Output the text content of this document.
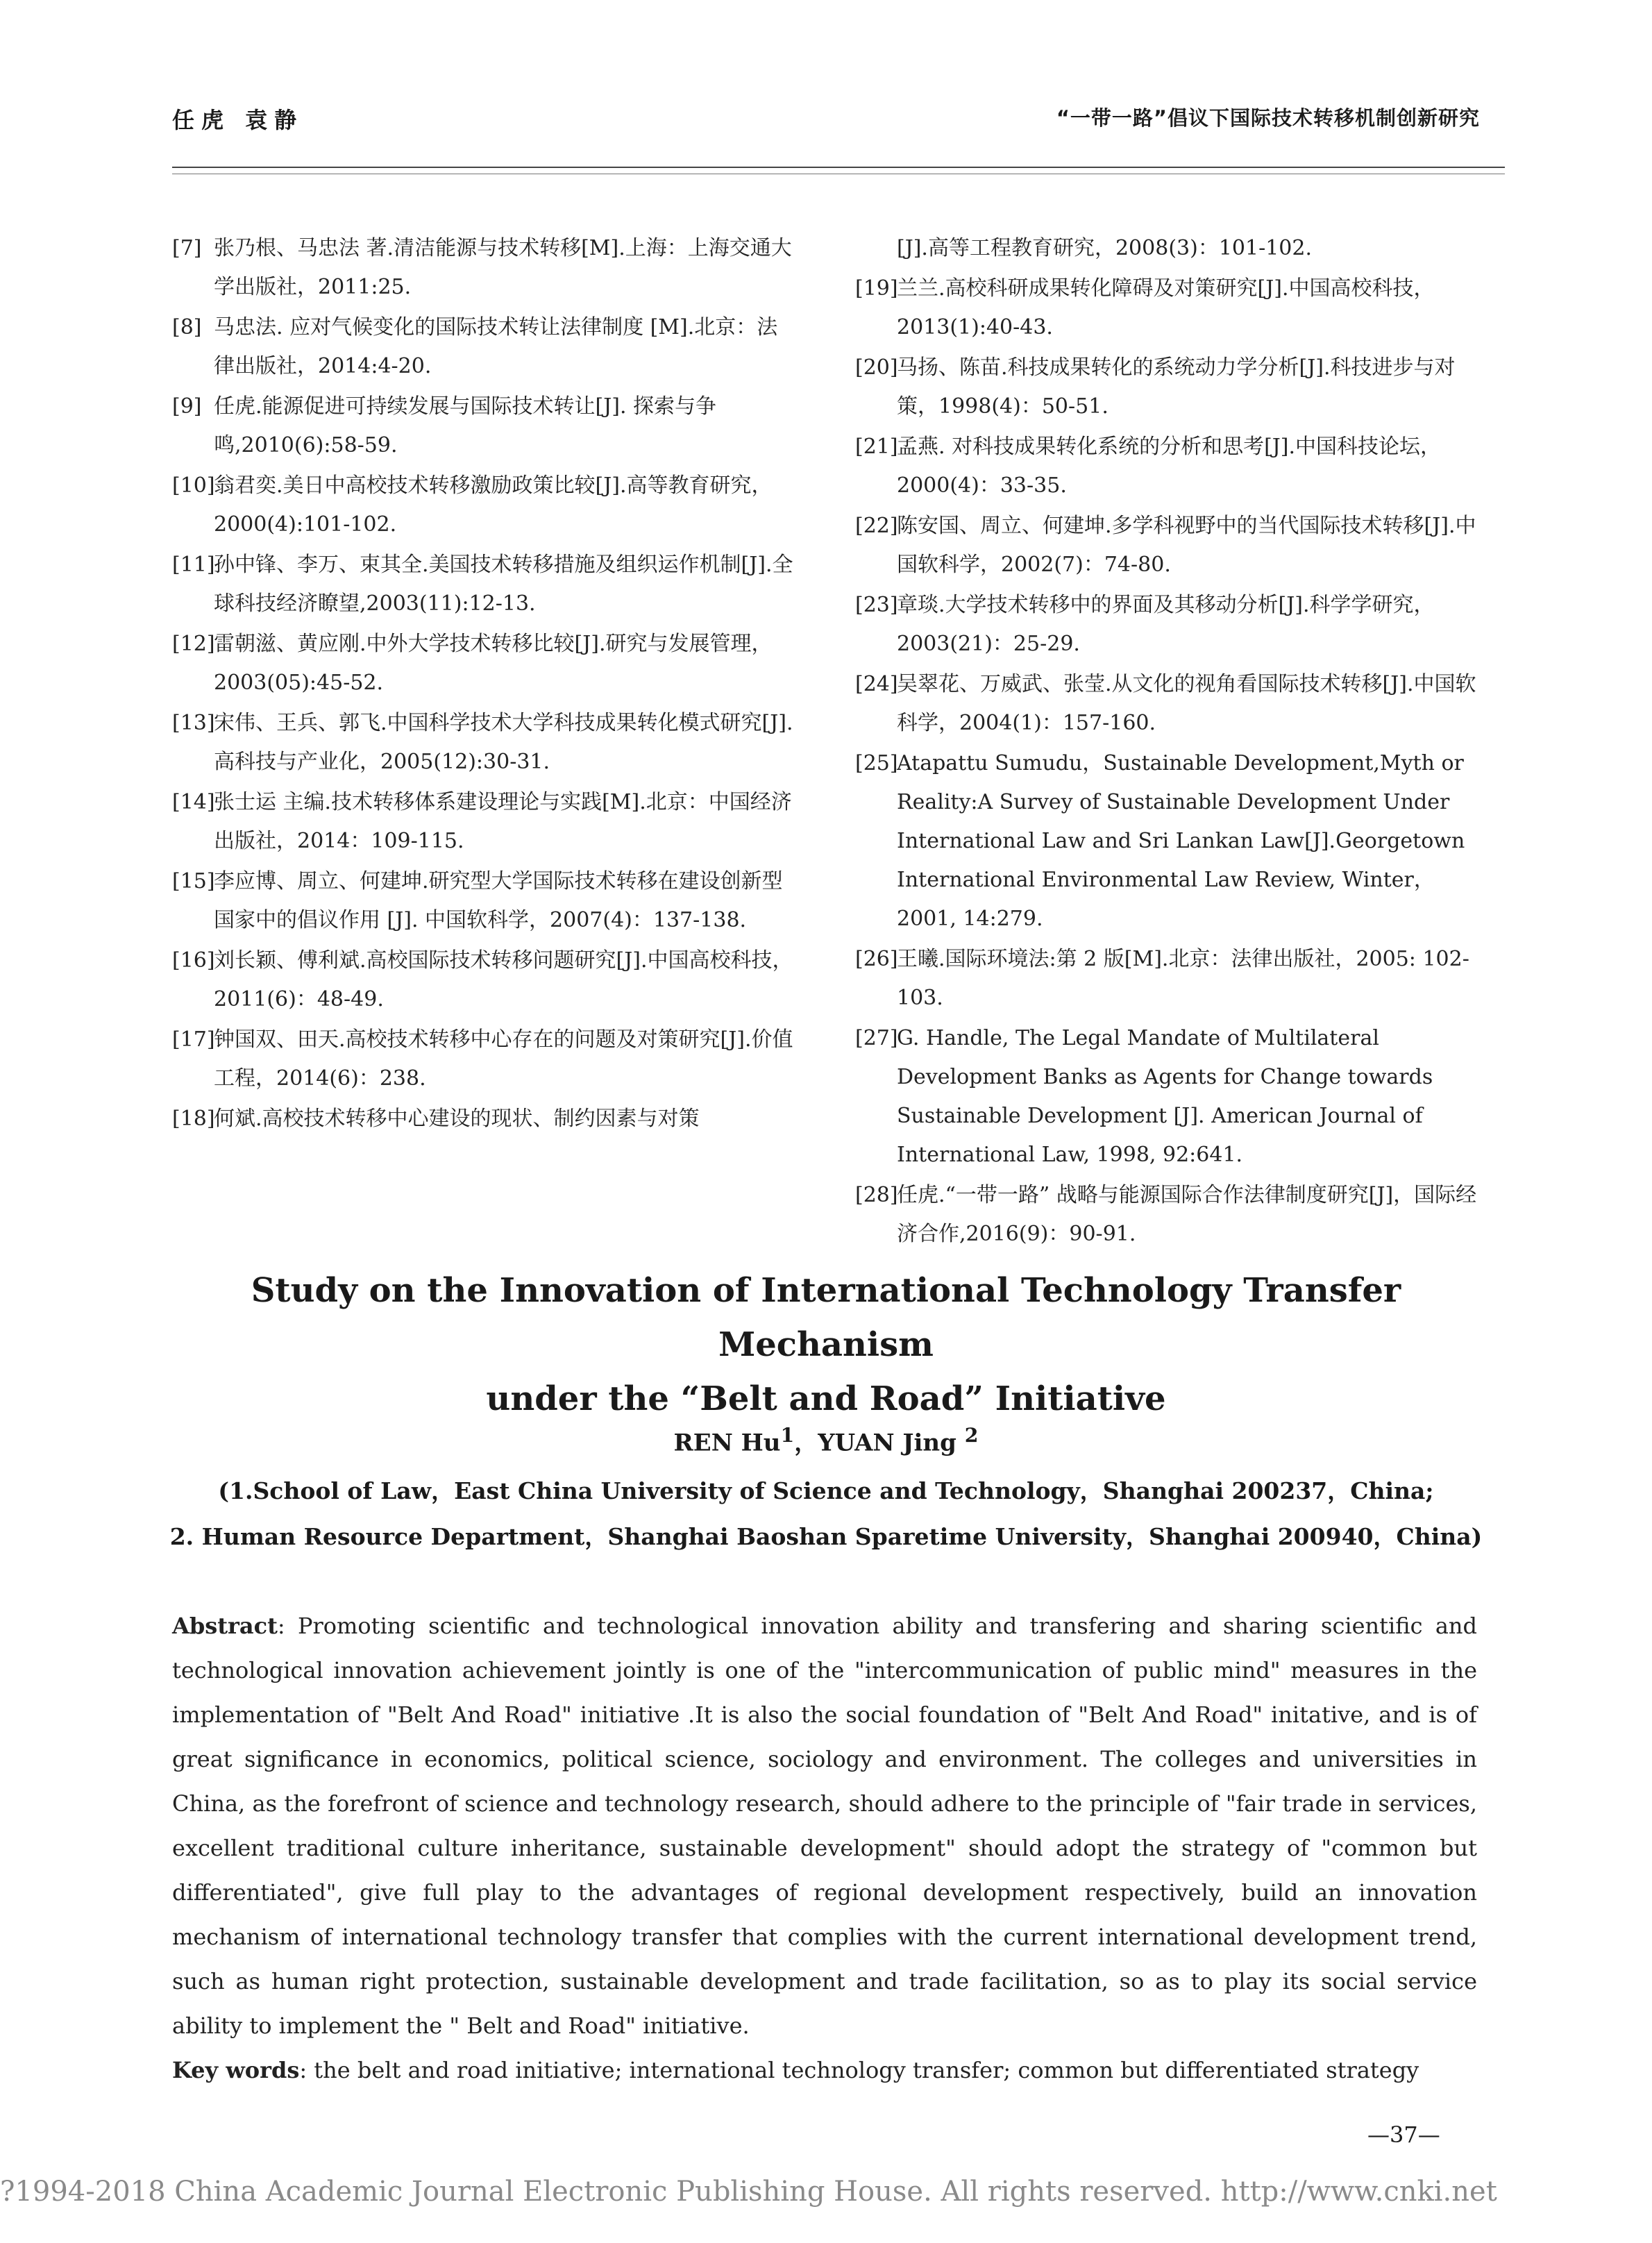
任虎 袁静	“一带一路”倡议下国际技术转移机制创新研究
[7] 张乃根、马忠法 著.清洁能源与技术转移[M].上海：上海交通大学出版社，2011:25.
[8] 马忠法. 应对气候变化的国际技术转让法律制度 [M].北京：法律出版社，2014:4-20.
[9] 任虎.能源促进可持续发展与国际技术转让[J]. 探索与争鸣,2010(6):58-59.
[10]
翁君奕.美日中高校技术转移激励政策比较[J].高等教育研究，2000(4):101-102.
[11]
孙中锋、李万、束其全.美国技术转移措施及组织运作机制[J].全球科技经济瞭望,2003(11):12-13.
[12]
雷朝滋、黄应刚.中外大学技术转移比较[J].研究与发展管理，2003(05):45-52.
[13]
宋伟、王兵、郭飞.中国科学技术大学科技成果转化模式研究[J].高科技与产业化，2005(12):30-31.
[14]
张士运 主编.技术转移体系建设理论与实践[M].北京：中国经济出版社，2014：109-115.
[15]
李应博、周立、何建坤.研究型大学国际技术转移在建设创新型国家中的倡议作用 [J]. 中国软科学，2007(4)：137-138.
[16]
刘长颖、傅利斌.高校国际技术转移问题研究[J].中国高校科技，2011(6)：48-49.
[17]
钟国双、田天.高校技术转移中心存在的问题及对策研究[J].价值工程，2014(6)：238.
[18]
何斌.高校技术转移中心建设的现状、制约因素与对策
[J].高等工程教育研究，2008(3)：101-102.
[19]
兰兰.高校科研成果转化障碍及对策研究[J].中国高校科技，2013(1):40-43.
[20]
马扬、陈苗.科技成果转化的系统动力学分析[J].科技进步与对策，1998(4)：50-51.
[21]
孟燕. 对科技成果转化系统的分析和思考[J].中国科技论坛，2000(4)：33-35.
[22]
陈安国、周立、何建坤.多学科视野中的当代国际技术转移[J].中国软科学，2002(7)：74-80.
[23]
章琰.大学技术转移中的界面及其移动分析[J].科学学研究，2003(21)：25-29.
[24]
吴翠花、万威武、张莹.从文化的视角看国际技术转移[J].中国软科学，2004(1)：157-160.
[25]
Atapattu Sumudu，Sustainable Development,Myth or Reality:A Survey of Sustainable Development Under International Law and Sri Lankan Law[J].Georgetown International Environmental Law Review, Winter，2001, 14:279.
[26]
王曦.国际环境法:第 2 版[M].北京：法律出版社，2005: 102-103.
[27]
G. Handle, The Legal Mandate of Multilateral Development Banks as Agents for Change towards Sustainable Development [J]. American Journal of International Law, 1998, 92:641.
[28]
任虎.“一带一路” 战略与能源国际合作法律制度研究[J]，国际经济合作,2016(9)：90-91.
Study on the Innovation of International Technology Transfer Mechanism
under the “Belt and Road” Initiative
REN Hu$^1$，YUAN Jing $^2$
(1.School of Law，East China University of Science and Technology，Shanghai 200237，China;
2. Human Resource Department，Shanghai Baoshan Sparetime University，Shanghai 200940，China)
Abstract: Promoting scientific and technological innovation ability and transfering and sharing scientific and technological innovation achievement jointly is one of the "intercommunication of public mind" measures in the implementation of "Belt And Road" initiative .It is also the social foundation of "Belt And Road" initative, and is of great significance in economics, political science, sociology and environment. The colleges and universities in China, as the forefront of science and technology research, should adhere to the principle of "fair trade in services, excellent traditional culture inheritance, sustainable development" should adopt the strategy of "common but differentiated", give full play to the advantages of regional development respectively, build an innovation mechanism of international technology transfer that complies with the current international development trend, such as human right protection, sustainable development and trade facilitation, so as to play its social service ability to implement the " Belt and Road" initiative.
Key words: the belt and road initiative; international technology transfer; common but differentiated strategy
—37—
?1994-2018 China Academic Journal Electronic Publishing House. All rights reserved. http://www.cnki.net
